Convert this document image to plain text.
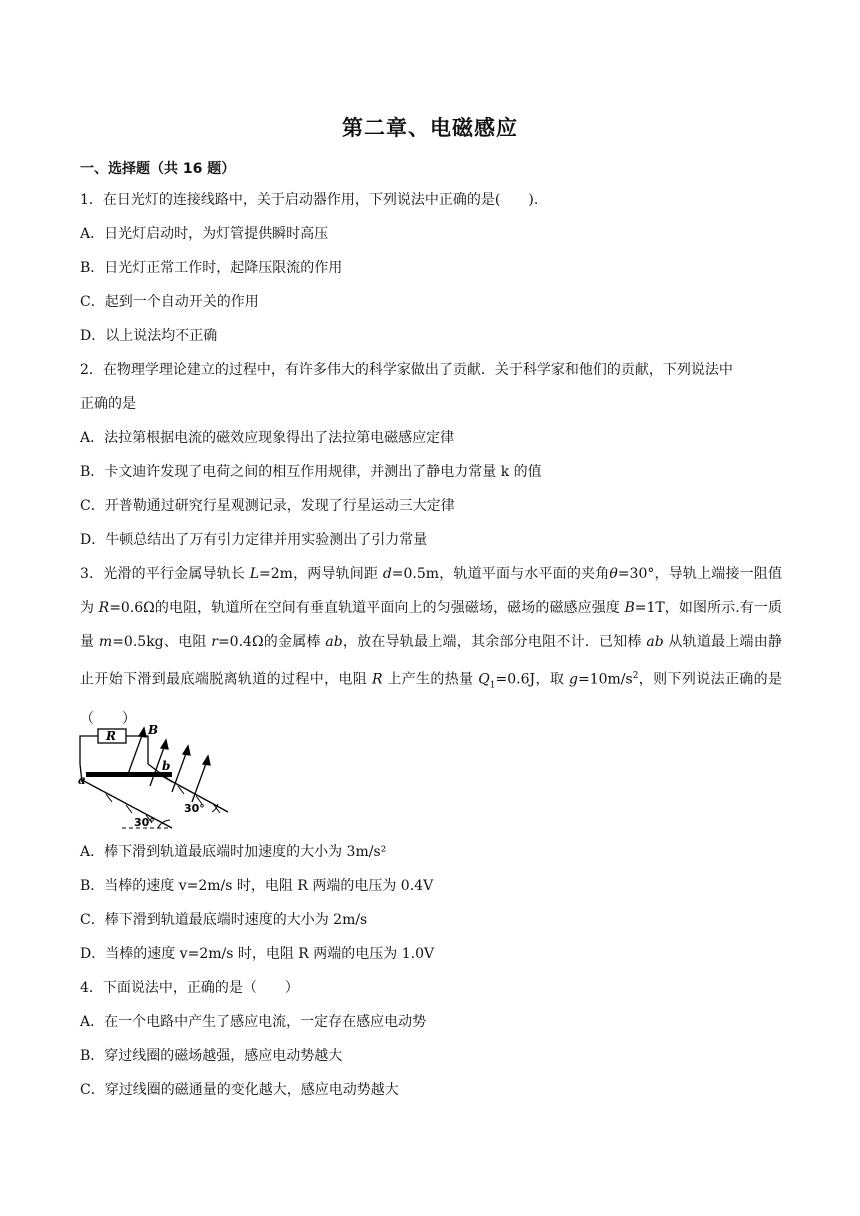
第二章、电磁感应
一、选择题（共 16 题）
1．在日光灯的连接线路中，关于启动器作用，下列说法中正确的是(　　).
A．日光灯启动时，为灯管提供瞬时高压
B．日光灯正常工作时，起降压限流的作用
C．起到一个自动开关的作用
D．以上说法均不正确
2．在物理学理论建立的过程中，有许多伟大的科学家做出了贡献．关于科学家和他们的贡献，下列说法中
正确的是
A．法拉第根据电流的磁效应现象得出了法拉第电磁感应定律
B．卡文迪许发现了电荷之间的相互作用规律，并测出了静电力常量 k 的值
C．开普勒通过研究行星观测记录，发现了行星运动三大定律
D．牛顿总结出了万有引力定律并用实验测出了引力常量
3．光滑的平行金属导轨长 L=2m，两导轨间距 d=0.5m，轨道平面与水平面的夹角θ=30°，导轨上端接一阻值为 R=0.6Ω的电阻，轨道所在空间有垂直轨道平面向上的匀强磁场，磁场的磁感应强度 B=1T，如图所示.有一质量 m=0.5kg、电阻 r=0.4Ω的金属棒 ab，放在导轨最上端，其余部分电阻不计．已知棒 ab 从轨道最上端由静止开始下滑到最底端脱离轨道的过程中，电阻 R 上产生的热量 $Q_1=0.6J$，取 $g=10m/s^2$，则下列说法正确的是（　　）
R	B
a
b
30°
30°
A．棒下滑到轨道最底端时加速度的大小为 3m/s²
B．当棒的速度 v=2m/s 时，电阻 R 两端的电压为 0.4V
C．棒下滑到轨道最底端时速度的大小为 2m/s
D．当棒的速度 v=2m/s 时，电阻 R 两端的电压为 1.0V
4．下面说法中，正确的是（　　）
A．在一个电路中产生了感应电流，一定存在感应电动势
B．穿过线圈的磁场越强，感应电动势越大
C．穿过线圈的磁通量的变化越大，感应电动势越大
